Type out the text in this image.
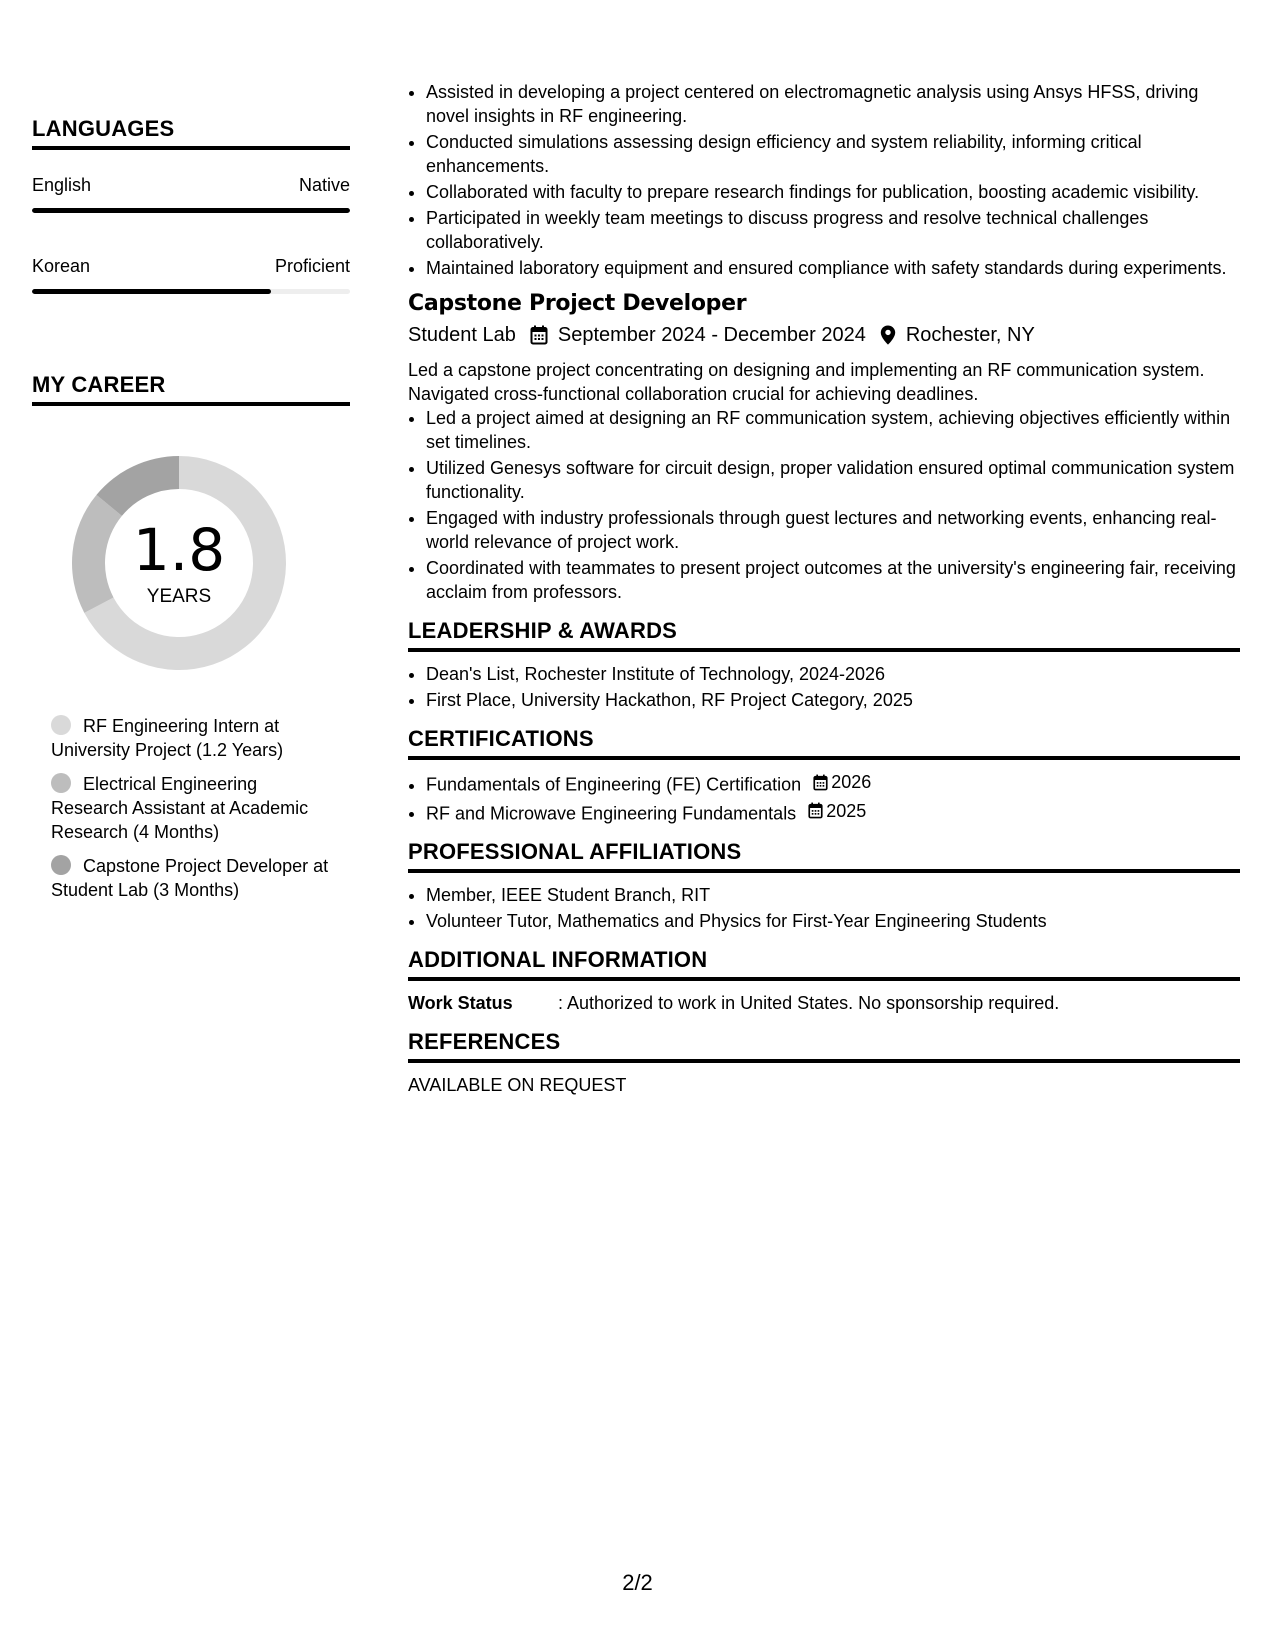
LANGUAGES
English	Native
Korean	Proficient
MY CAREER
1.8
YEARS
RF Engineering Intern at University Project (1.2 Years)
Electrical Engineering Research Assistant at Academic Research (4 Months)
Capstone Project Developer at Student Lab (3 Months)
• Assisted in developing a project centered on electromagnetic analysis using Ansys HFSS, driving novel insights in RF engineering.
• Conducted simulations assessing design efficiency and system reliability, informing critical enhancements.
• Collaborated with faculty to prepare research findings for publication, boosting academic visibility.
• Participated in weekly team meetings to discuss progress and resolve technical challenges collaboratively.
• Maintained laboratory equipment and ensured compliance with safety standards during experiments.
Capstone Project Developer
Student Lab September 2024 - December 2024 Rochester, NY
Led a capstone project concentrating on designing and implementing an RF communication system. Navigated cross-functional collaboration crucial for achieving deadlines.
• Led a project aimed at designing an RF communication system, achieving objectives efficiently within set timelines.
• Utilized Genesys software for circuit design, proper validation ensured optimal communication system functionality.
• Engaged with industry professionals through guest lectures and networking events, enhancing real-world relevance of project work.
• Coordinated with teammates to present project outcomes at the university's engineering fair, receiving acclaim from professors.
LEADERSHIP & AWARDS
• Dean's List, Rochester Institute of Technology, 2024-2026
• First Place, University Hackathon, RF Project Category, 2025
CERTIFICATIONS
• Fundamentals of Engineering (FE) Certification 2026
• RF and Microwave Engineering Fundamentals 2025
PROFESSIONAL AFFILIATIONS
• Member, IEEE Student Branch, RIT
• Volunteer Tutor, Mathematics and Physics for First-Year Engineering Students
ADDITIONAL INFORMATION
Work Status	: Authorized to work in United States. No sponsorship required.
REFERENCES
AVAILABLE ON REQUEST
2/2
